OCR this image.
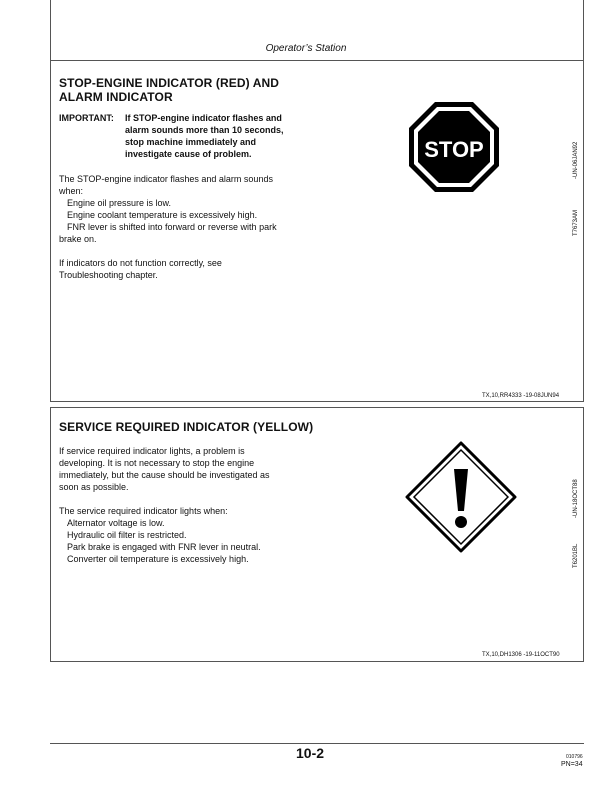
Operator’s Station
STOP-ENGINE INDICATOR (RED) AND
ALARM INDICATOR
IMPORTANT: If STOP-engine indicator flashes and
alarm sounds more than 10 seconds,
stop machine immediately and
investigate cause of problem.
The STOP-engine indicator flashes and alarm sounds
when:
Engine oil pressure is low.
Engine coolant temperature is excessively high.
FNR lever is shifted into forward or reverse with park
brake on.
If indicators do not function correctly, see
Troubleshooting chapter.
STOP
T7673AM
-UN-06JAN92
TX,10,RR4333 -19-08JUN94
SERVICE REQUIRED INDICATOR (YELLOW)
If service required indicator lights, a problem is
developing. It is not necessary to stop the engine
immediately, but the cause should be investigated as
soon as possible.
The service required indicator lights when:
Alternator voltage is low.
Hydraulic oil filter is restricted.
Park brake is engaged with FNR lever in neutral.
Converter oil temperature is excessively high.	T6201BL
-UN-18OCT88
TX,10,DH1306 -19-11OCT90
10-2	010796
PN=34
